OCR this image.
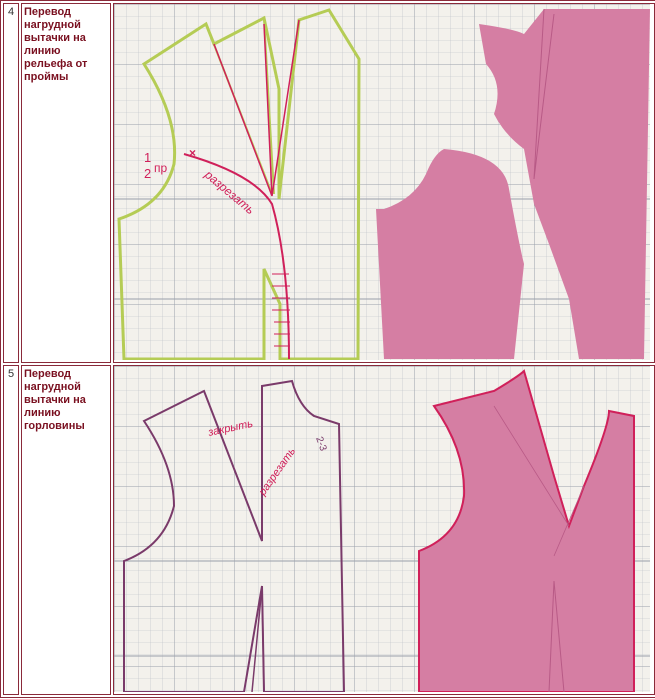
4	Перевод нагрудной вытачки на линию рельефа от проймы	×
1
2 пр разрезать

5	Перевод нагрудной вытачки на линию горловины	закрыть
разрезать
2-3
